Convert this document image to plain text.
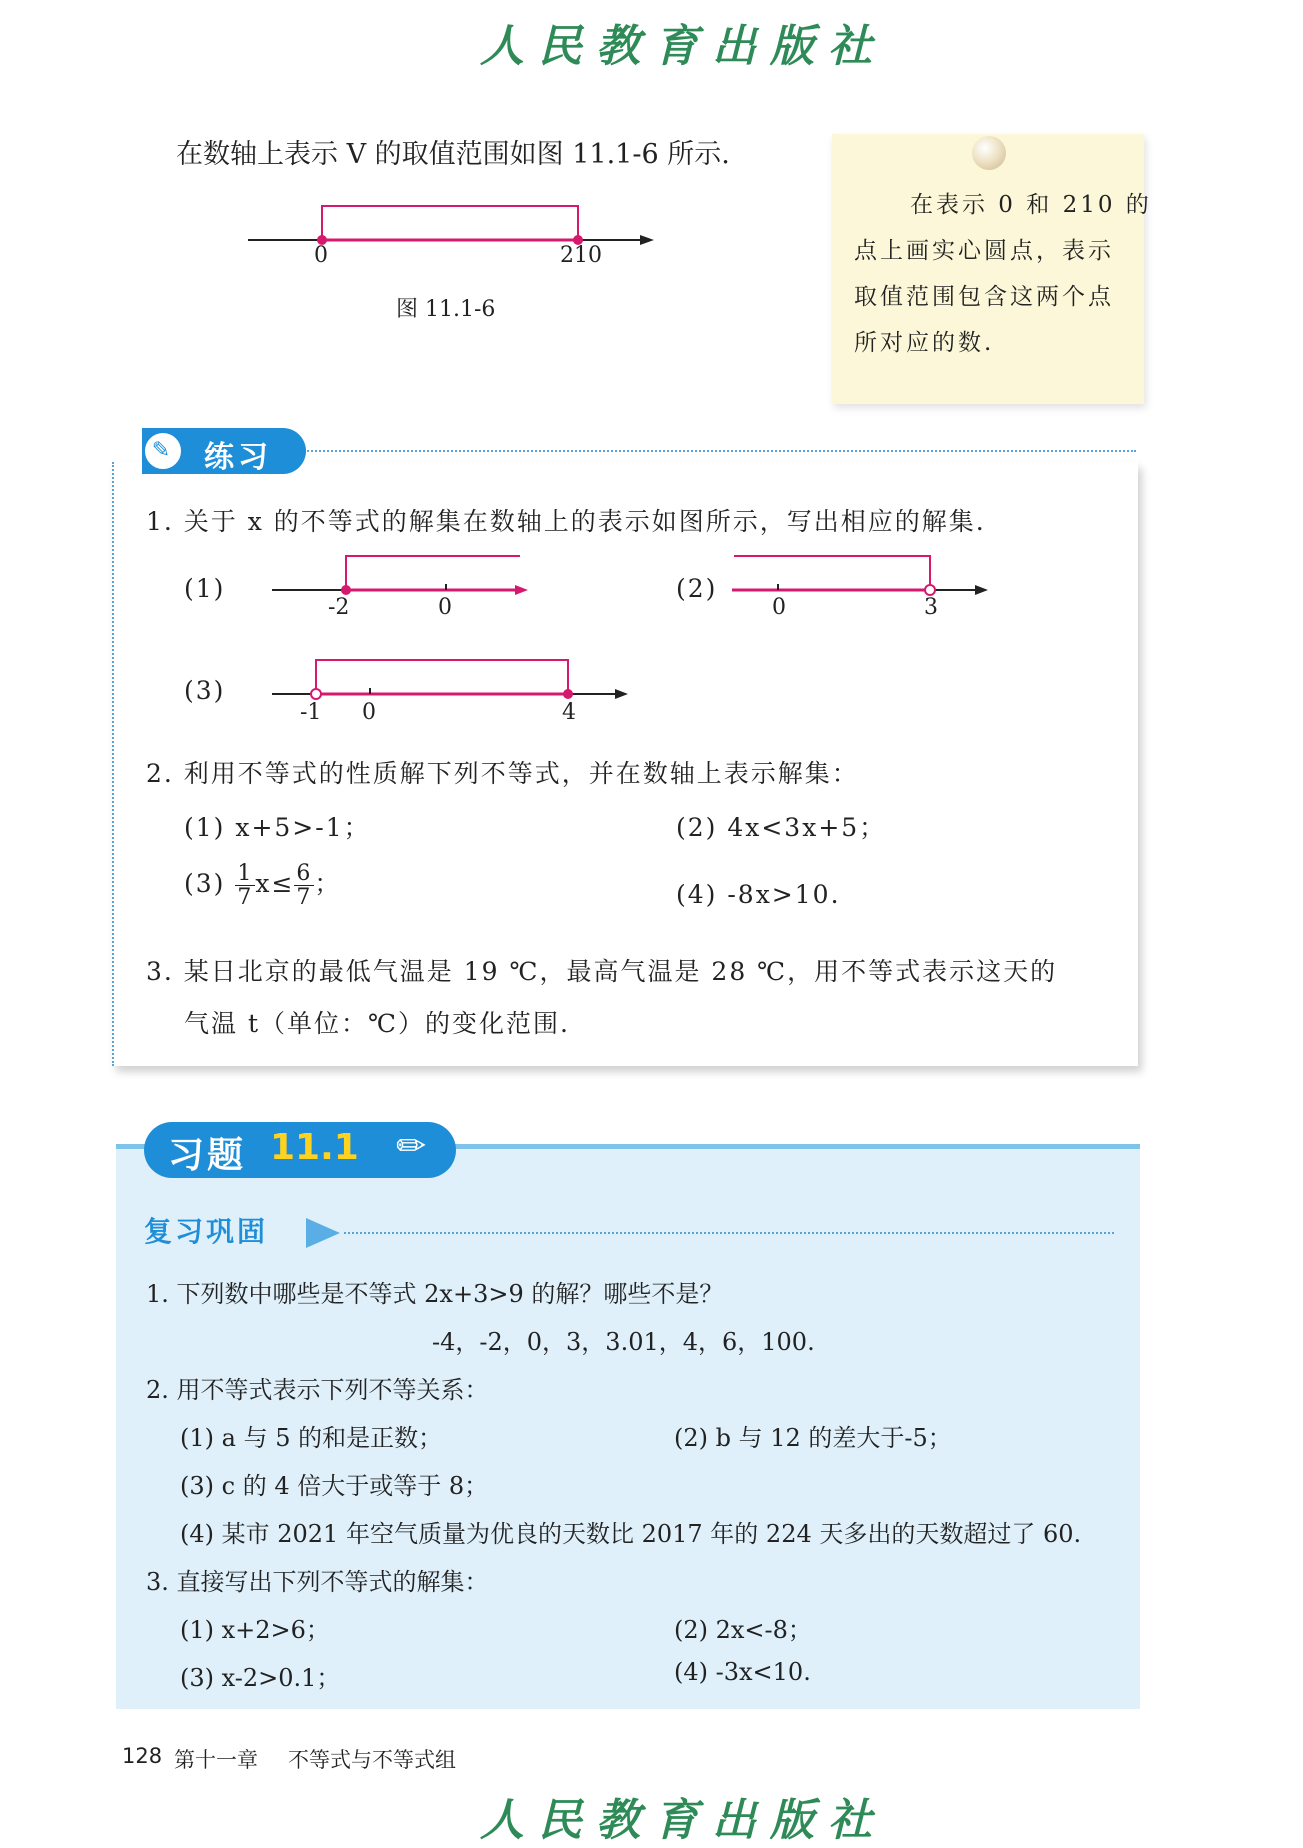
人民教育出版社
在数轴上表示 V 的取值范围如图 11.1-6 所示.
0	210
图 11.1-6
在表示 0 和 210 的
点上画实心圆点，表示
取值范围包含这两个点
所对应的数.
✎ 练习
1. 关于 x 的不等式的解集在数轴上的表示如图所示，写出相应的解集.
(1)
-2	0
(2)
0	3
(3)
-1 0	4
2. 利用不等式的性质解下列不等式，并在数轴上表示解集：
(1) x+5>-1；	(2) 4x<3x+5；
$(3) \frac{1}{7} x\le \frac{6}{7}$ ；	(4) -8x>10.
3. 某日北京的最低气温是 19 ℃，最高气温是 28 ℃，用不等式表示这天的
气温 t（单位：℃）的变化范围.
习题 11.1 ✏
复习巩固
1. 下列数中哪些是不等式 2x+3>9 的解？哪些不是？
-4，-2，0，3，3.01，4，6，100.
2. 用不等式表示下列不等关系：
(1) a 与 5 的和是正数；	(2) b 与 12 的差大于-5；
(3) c 的 4 倍大于或等于 8；
(4) 某市 2021 年空气质量为优良的天数比 2017 年的 224 天多出的天数超过了 60.
3. 直接写出下列不等式的解集：
(1) x+2>6；	(2) 2x<-8；
(3) x-2>0.1；	(4) -3x<10.
128 第十一章 不等式与不等式组
人民教育出版社
